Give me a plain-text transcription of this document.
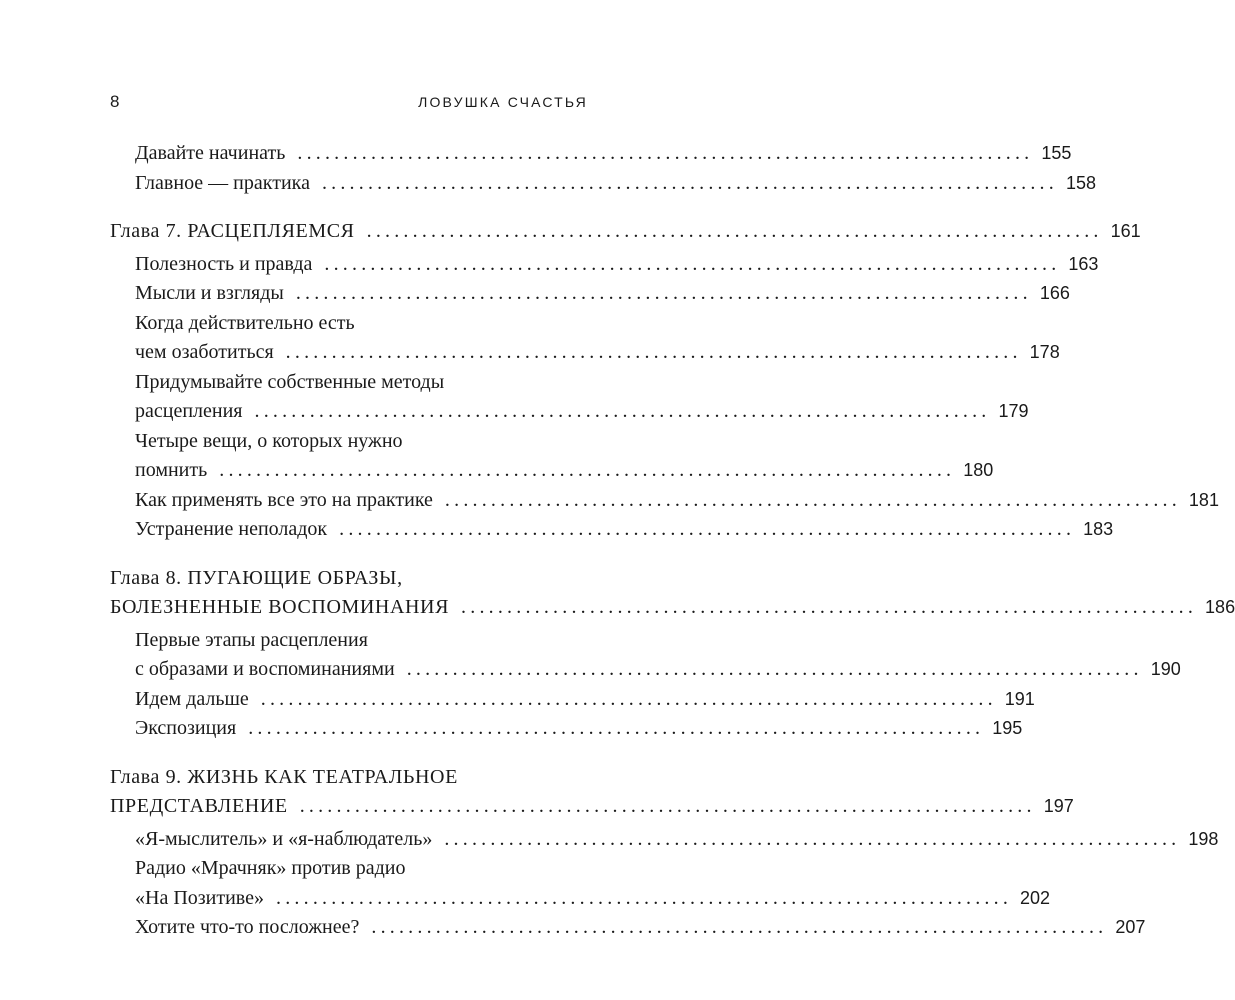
8	ЛОВУШКА СЧАСТЬЯ
Давайте начинать ................................................................................ 155
Главное — практика ................................................................................ 158
Глава 7. РАСЦЕПЛЯЕМСЯ ................................................................................ 161
Полезность и правда ................................................................................ 163
Мысли и взгляды ................................................................................ 166
Когда действительно есть
чем озаботиться ................................................................................ 178
Придумывайте собственные методы
расцепления ................................................................................ 179
Четыре вещи, о которых нужно
помнить ................................................................................ 180
Как применять все это на практике ................................................................................ 181
Устранение неполадок ................................................................................ 183
Глава 8. ПУГАЮЩИЕ ОБРАЗЫ,
БОЛЕЗНЕННЫЕ ВОСПОМИНАНИЯ ................................................................................ 186
Первые этапы расцепления
с образами и воспоминаниями ................................................................................ 190
Идем дальше ................................................................................ 191
Экспозиция ................................................................................ 195
Глава 9. ЖИЗНЬ КАК ТЕАТРАЛЬНОЕ
ПРЕДСТАВЛЕНИЕ ................................................................................ 197
«Я-мыслитель» и «я-наблюдатель» ................................................................................ 198
Радио «Мрачняк» против радио
«На Позитиве» ................................................................................ 202
Хотите что-то посложнее? ................................................................................ 207
